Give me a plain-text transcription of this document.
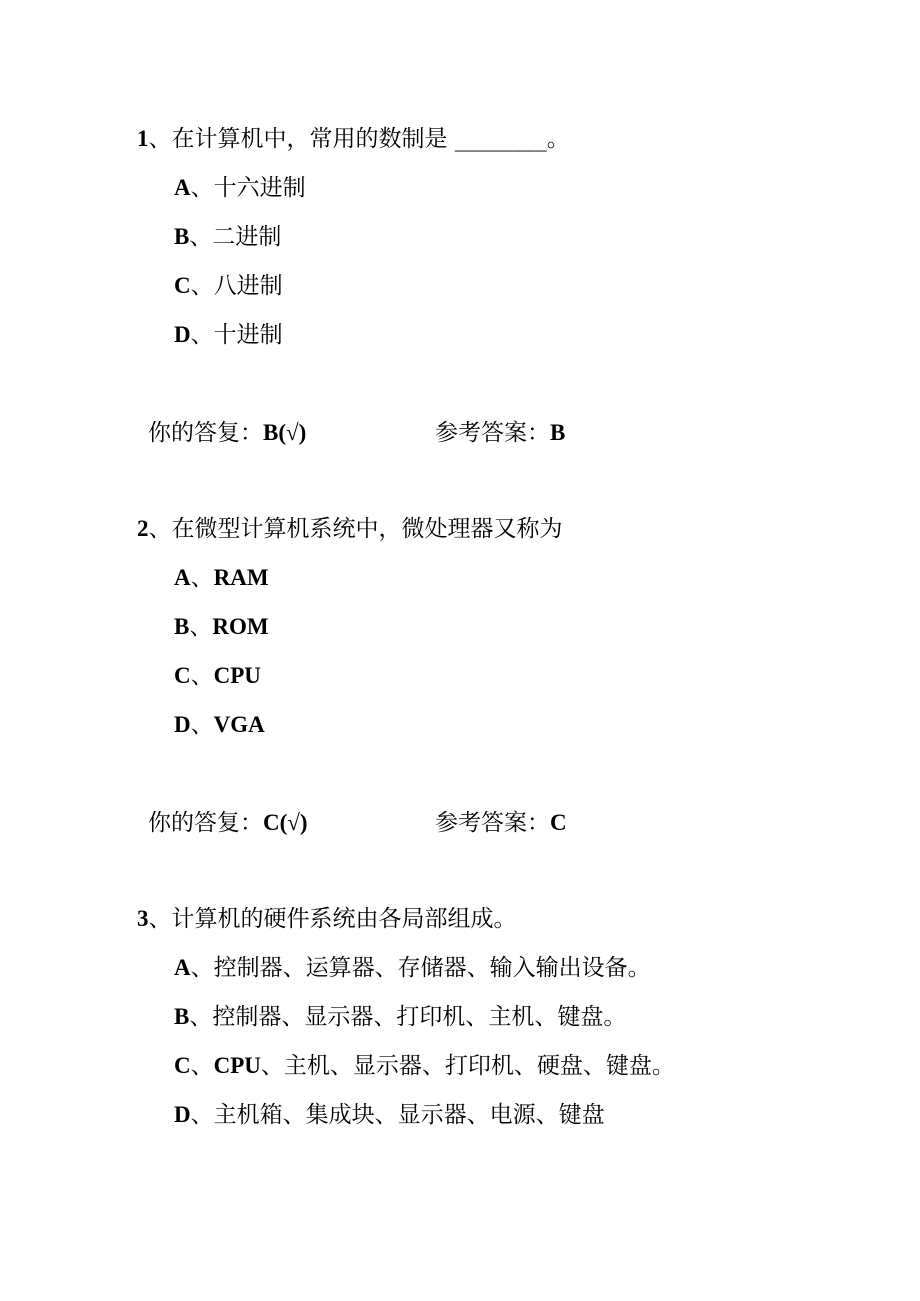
1、在计算机中，常用的数制是 ________。
A、十六进制
B、二进制
C、八进制
D、十进制
你的答复：B(√)	参考答案：B
2、在微型计算机系统中，微处理器又称为
A、RAM
B、ROM
C、CPU
D、VGA
你的答复：C(√)	参考答案：C
3、计算机的硬件系统由各局部组成。
A、控制器、运算器、存储器、输入输出设备。
B、控制器、显示器、打印机、主机、键盘。
C、CPU、主机、显示器、打印机、硬盘、键盘。
D、主机箱、集成块、显示器、电源、键盘
